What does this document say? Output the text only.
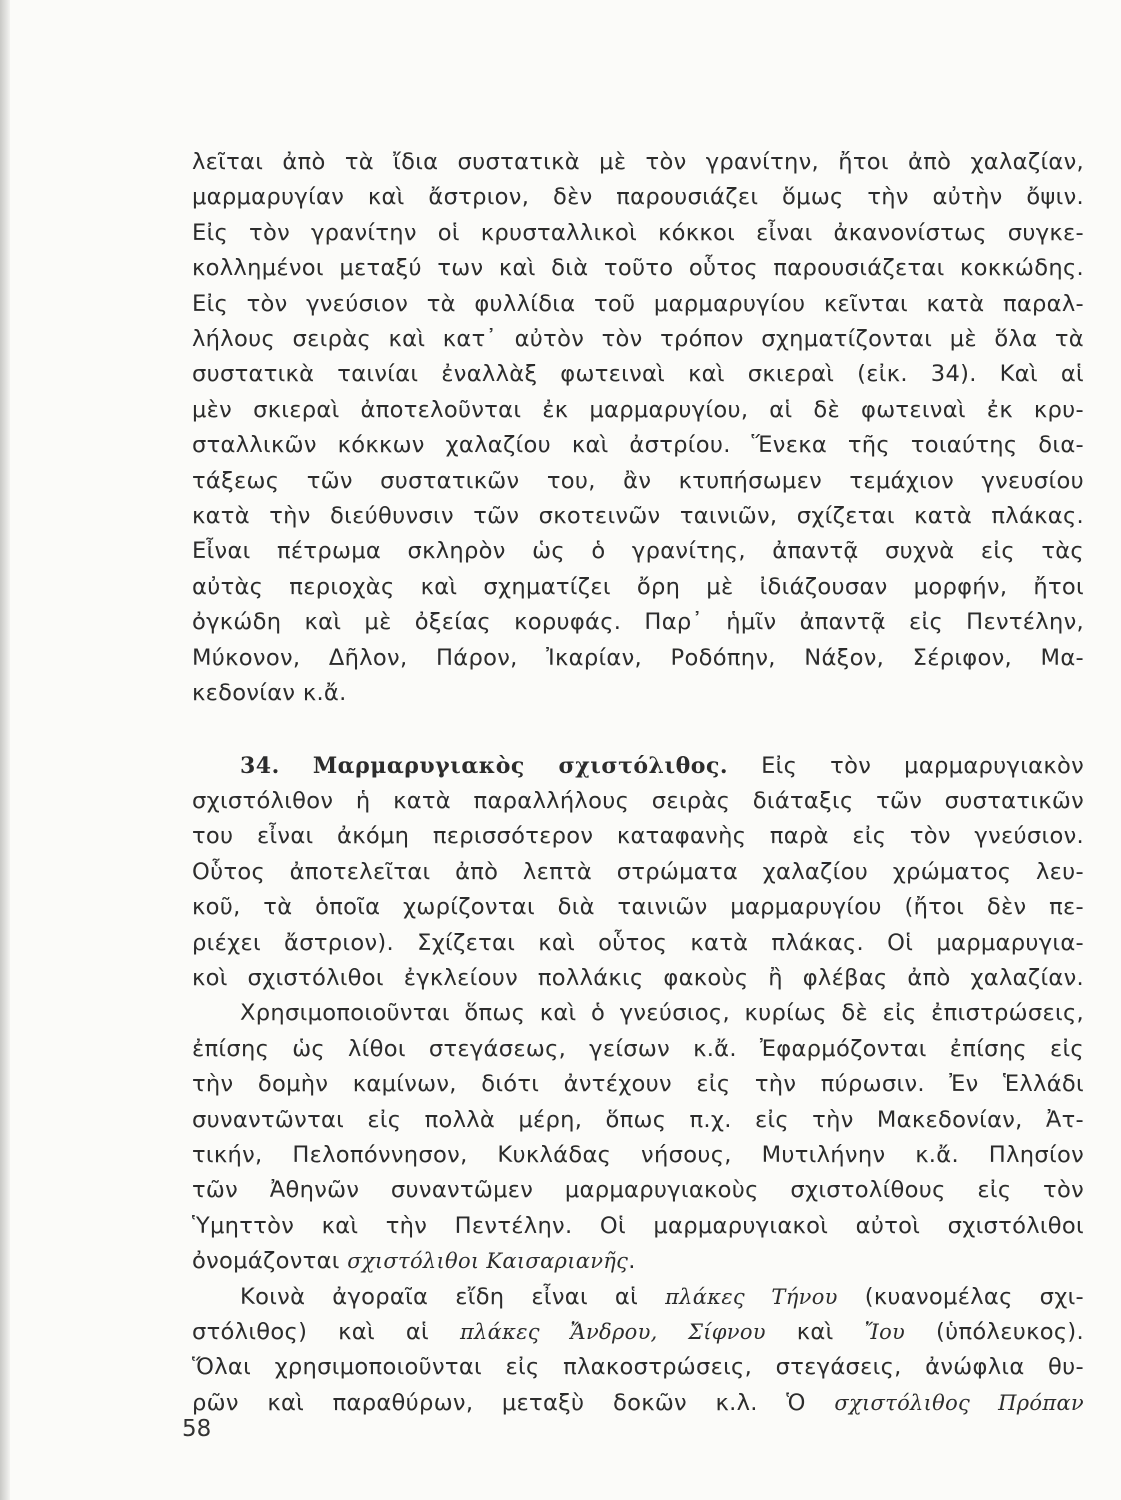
λεῖται ἀπὸ τὰ ἴδια συστατικὰ μὲ τὸν γρανίτην, ἤτοι ἀπὸ χαλαζίαν,
μαρμαρυγίαν καὶ ἄστριον, δὲν παρουσιάζει ὅμως τὴν αὐτὴν ὄψιν.
Εἰς τὸν γρανίτην οἱ κρυσταλλικοὶ κόκκοι εἶναι ἀκανονίστως συγκε-
κολλημένοι μεταξύ των καὶ διὰ τοῦτο οὗτος παρουσιάζεται κοκκώδης.
Εἰς τὸν γνεύσιον τὰ φυλλίδια τοῦ μαρμαρυγίου κεῖνται κατὰ παραλ-
λήλους σειρὰς καὶ κατ᾽ αὐτὸν τὸν τρόπον σχηματίζονται μὲ ὅλα τὰ
συστατικὰ ταινίαι ἐναλλὰξ φωτειναὶ καὶ σκιεραὶ (εἰκ. 34). Καὶ αἱ
μὲν σκιεραὶ ἀποτελοῦνται ἐκ μαρμαρυγίου, αἱ δὲ φωτειναὶ ἐκ κρυ-
σταλλικῶν κόκκων χαλαζίου καὶ ἀστρίου. Ἕνεκα τῆς τοιαύτης δια-
τάξεως τῶν συστατικῶν του, ἂν κτυπήσωμεν τεμάχιον γνευσίου
κατὰ τὴν διεύθυνσιν τῶν σκοτεινῶν ταινιῶν, σχίζεται κατὰ πλάκας.
Εἶναι πέτρωμα σκληρὸν ὡς ὁ γρανίτης, ἀπαντᾷ συχνὰ εἰς τὰς
αὐτὰς περιοχὰς καὶ σχηματίζει ὄρη μὲ ἰδιάζουσαν μορφήν, ἤτοι
ὀγκώδη καὶ μὲ ὀξείας κορυφάς. Παρ᾽ ἡμῖν ἀπαντᾷ εἰς Πεντέλην,
Μύκονον, Δῆλον, Πάρον, Ἰκαρίαν, Ροδόπην, Νάξον, Σέριφον, Μα-
κεδονίαν κ.ἄ.
34. Μαρμαρυγιακὸς σχιστόλιθος. Εἰς τὸν μαρμαρυγιακὸν
σχιστόλιθον ἡ κατὰ παραλλήλους σειρὰς διάταξις τῶν συστατικῶν
του εἶναι ἀκόμη περισσότερον καταφανὴς παρὰ εἰς τὸν γνεύσιον.
Οὗτος ἀποτελεῖται ἀπὸ λεπτὰ στρώματα χαλαζίου χρώματος λευ-
κοῦ, τὰ ὁποῖα χωρίζονται διὰ ταινιῶν μαρμαρυγίου (ἤτοι δὲν πε-
ριέχει ἄστριον). Σχίζεται καὶ οὗτος κατὰ πλάκας. Οἱ μαρμαρυγια-
κοὶ σχιστόλιθοι ἐγκλείουν πολλάκις φακοὺς ἢ φλέβας ἀπὸ χαλαζίαν.
Χρησιμοποιοῦνται ὅπως καὶ ὁ γνεύσιος, κυρίως δὲ εἰς ἐπιστρώσεις,
ἐπίσης ὡς λίθοι στεγάσεως, γείσων κ.ἄ. Ἐφαρμόζονται ἐπίσης εἰς
τὴν δομὴν καμίνων, διότι ἀντέχουν εἰς τὴν πύρωσιν. Ἐν Ἑλλάδι
συναντῶνται εἰς πολλὰ μέρη, ὅπως π.χ. εἰς τὴν Μακεδονίαν, Ἀτ-
τικήν, Πελοπόννησον, Κυκλάδας νήσους, Μυτιλήνην κ.ἄ. Πλησίον
τῶν Ἀθηνῶν συναντῶμεν μαρμαρυγιακοὺς σχιστολίθους εἰς τὸν
Ὑμηττὸν καὶ τὴν Πεντέλην. Οἱ μαρμαρυγιακοὶ αὐτοὶ σχιστόλιθοι
ὀνομάζονται σχιστόλιθοι Καισαριανῆς.
Κοινὰ ἀγοραῖα εἴδη εἶναι αἱ πλάκες Τήνου (κυανομέλας σχι-
στόλιθος) καὶ αἱ πλάκες Ἄνδρου, Σίφνου καὶ Ἴου (ὑπόλευκος).
Ὅλαι χρησιμοποιοῦνται εἰς πλακοστρώσεις, στεγάσεις, ἀνώφλια θυ-
ρῶν καὶ παραθύρων, μεταξὺ δοκῶν κ.λ. Ὁ σχιστόλιθος Πρόπαν
58
